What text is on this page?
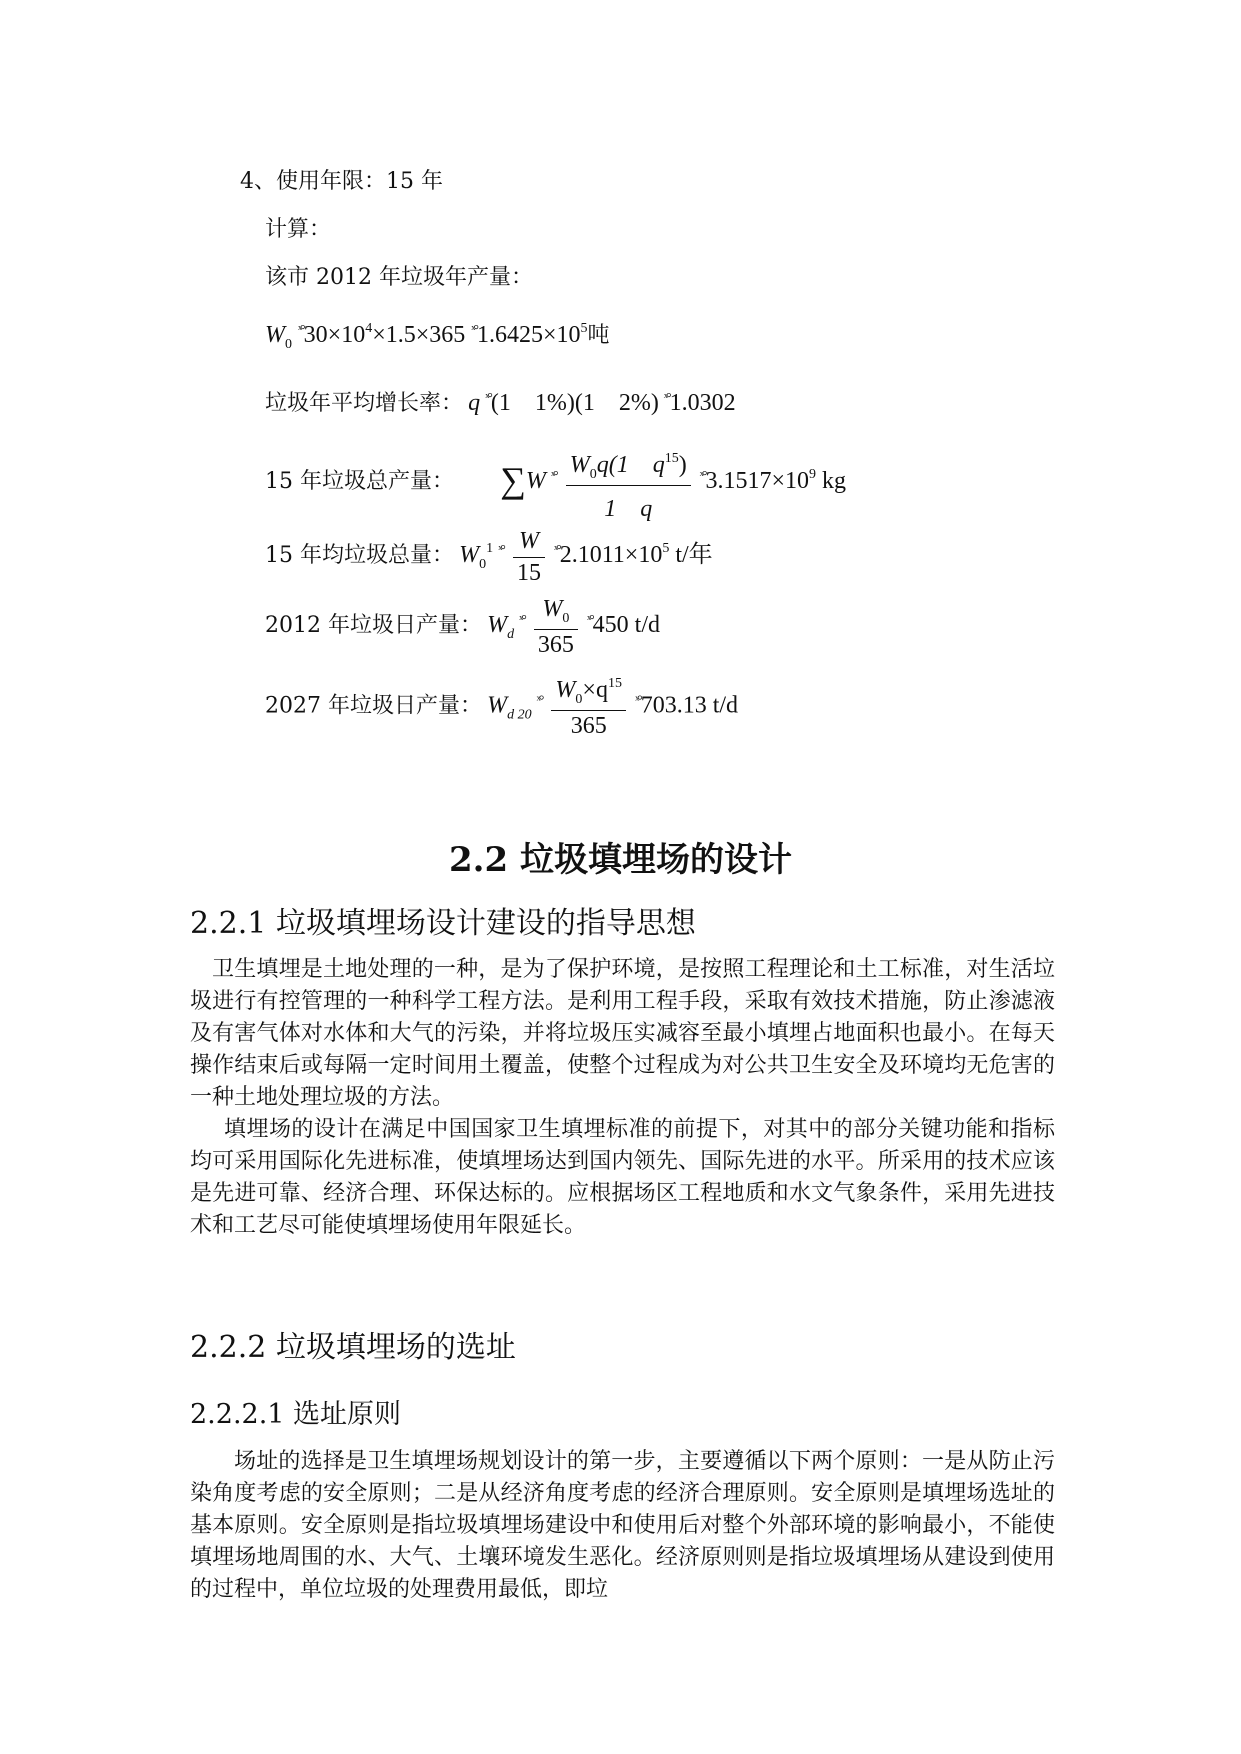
4、使用年限：15 年
计算：
该市 2012 年垃圾年产量：
$W_0$ $^{ˣ^\circ}30\times 10^4\times 1.5\times 365$ $^{ˣ^\circ}1.6425\times 10^5$吨
垃圾年平均增长率： q ˣ°(1　1%)(1　2%) ˣ°1.0302
15 年垃圾总产量： ∑W ˣ° $\frac{W_0q(1 q^{15})}{1 q}$ ˣ°3.1517×109 kg
15 年均垃圾总量： W01 ˣ° $\frac{W}{15}$ ˣ°2.1011×105 t/年
2012 年垃圾日产量： Wd ˣ° $\frac{W_0}{365}$ ˣ°450 t/d
2027 年垃圾日产量： Wd 20 ˣ° $\frac{W_0\times q^{15}}{365}$ ˣ°703.13 t/d
2.2 垃圾填埋场的设计
2.2.1 垃圾填埋场设计建设的指导思想

卫生填埋是土地处理的一种，是为了保护环境，是按照工程理论和土工标准，对生活垃圾进行有控管理的一种科学工程方法。是利用工程手段，采取有效技术措施，防止渗滤液及有害气体对水体和大气的污染，并将垃圾压实减容至最小填埋占地面积也最小。在每天操作结束后或每隔一定时间用土覆盖，使整个过程成为对公共卫生安全及环境均无危害的一种土地处理垃圾的方法。

填埋场的设计在满足中国国家卫生填埋标准的前提下，对其中的部分关键功能和指标均可采用国际化先进标准，使填埋场达到国内领先、国际先进的水平。所采用的技术应该是先进可靠、经济合理、环保达标的。应根据场区工程地质和水文气象条件，采用先进技术和工艺尽可能使填埋场使用年限延长。

2.2.2 垃圾填埋场的选址
2.2.2.1 选址原则

场址的选择是卫生填埋场规划设计的第一步，主要遵循以下两个原则：一是从防止污染角度考虑的安全原则；二是从经济角度考虑的经济合理原则。安全原则是填埋场选址的基本原则。安全原则是指垃圾填埋场建设中和使用后对整个外部环境的影响最小，不能使填埋场地周围的水、大气、土壤环境发生恶化。经济原则则是指垃圾填埋场从建设到使用的过程中，单位垃圾的处理费用最低，即垃
